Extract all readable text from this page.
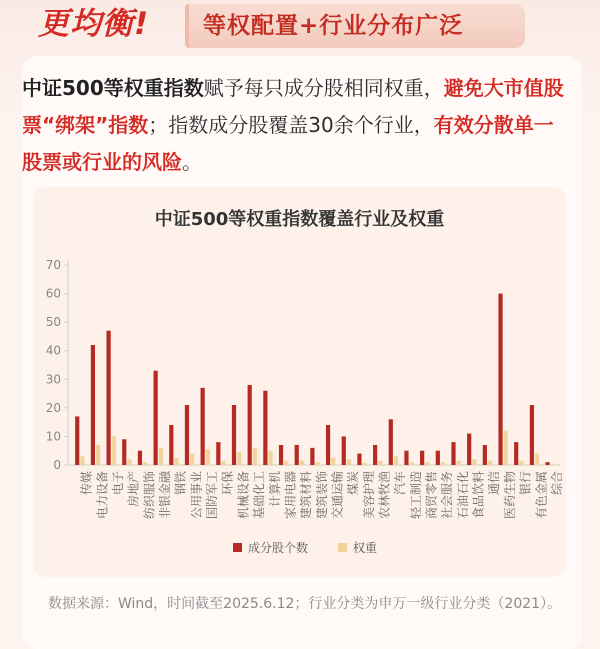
更均衡!	等权配置+行业分布广泛
中证500等权重指数赋予每只成分股相同权重，避免大市值股票“绑架”指数；指数成分股覆盖30余个行业，有效分散单一股票或行业的风险。
中证500等权重指数覆盖行业及权重
0
10
20
30
40
50
60
70
传媒 电力设备 电子 房地产 纺织服饰 非银金融 钢铁 公用事业 国防军工 环保 机械设备 基础化工 计算机 家用电器 建筑材料 建筑装饰 交通运输 煤炭 美容护理 农林牧渔 汽车 轻工制造 商贸零售 社会服务 石油石化 食品饮料 通信 医药生物 银行 有色金属 综合
成分股个数	权重
数据来源：Wind，时间截至2025.6.12；行业分类为申万一级行业分类（2021）。
